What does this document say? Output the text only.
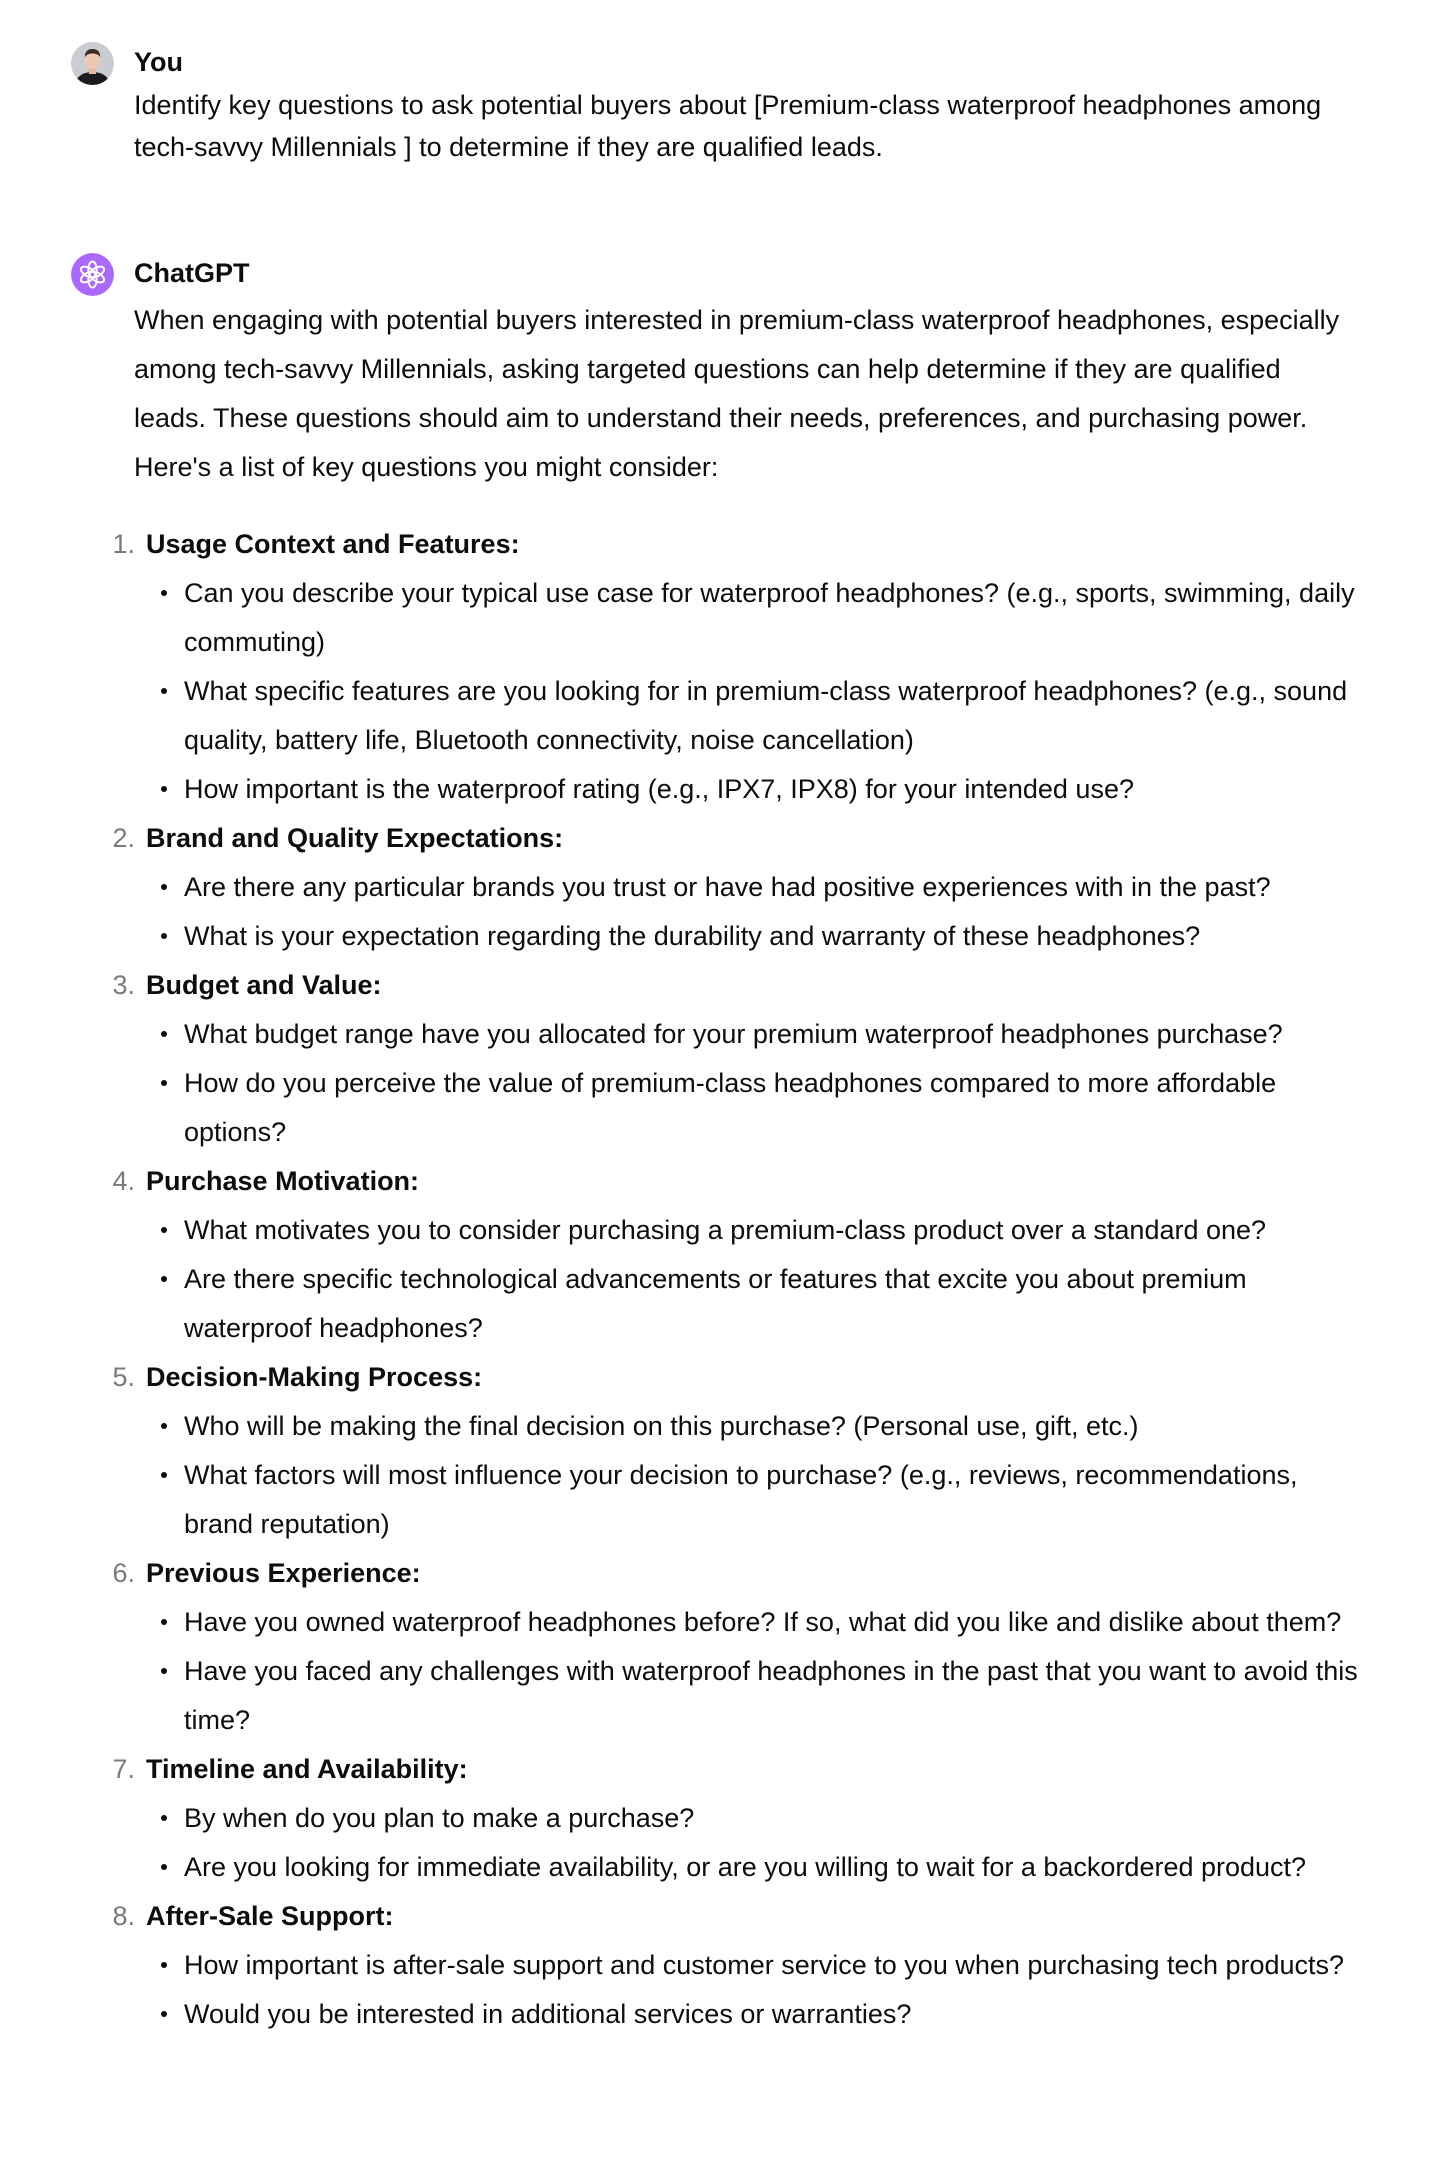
You

Identify key questions to ask potential buyers about [Premium-class waterproof headphones among tech-savvy Millennials ] to determine if they are qualified leads.

ChatGPT

When engaging with potential buyers interested in premium-class waterproof headphones, especially among tech-savvy Millennials, asking targeted questions can help determine if they are qualified leads. These questions should aim to understand their needs, preferences, and purchasing power. Here's a list of key questions you might consider:

1. Usage Context and Features:
Can you describe your typical use case for waterproof headphones? (e.g., sports, swimming, daily commuting)
What specific features are you looking for in premium-class waterproof headphones? (e.g., sound quality, battery life, Bluetooth connectivity, noise cancellation)
How important is the waterproof rating (e.g., IPX7, IPX8) for your intended use?
2. Brand and Quality Expectations:
Are there any particular brands you trust or have had positive experiences with in the past?
What is your expectation regarding the durability and warranty of these headphones?
3. Budget and Value:
What budget range have you allocated for your premium waterproof headphones purchase?
How do you perceive the value of premium-class headphones compared to more affordable options?
4. Purchase Motivation:
What motivates you to consider purchasing a premium-class product over a standard one?
Are there specific technological advancements or features that excite you about premium waterproof headphones?
5. Decision-Making Process:
Who will be making the final decision on this purchase? (Personal use, gift, etc.)
What factors will most influence your decision to purchase? (e.g., reviews, recommendations, brand reputation)
6. Previous Experience:
Have you owned waterproof headphones before? If so, what did you like and dislike about them?
Have you faced any challenges with waterproof headphones in the past that you want to avoid this time?
7. Timeline and Availability:
By when do you plan to make a purchase?
Are you looking for immediate availability, or are you willing to wait for a backordered product?
8. After-Sale Support:
How important is after-sale support and customer service to you when purchasing tech products?
Would you be interested in additional services or warranties?
